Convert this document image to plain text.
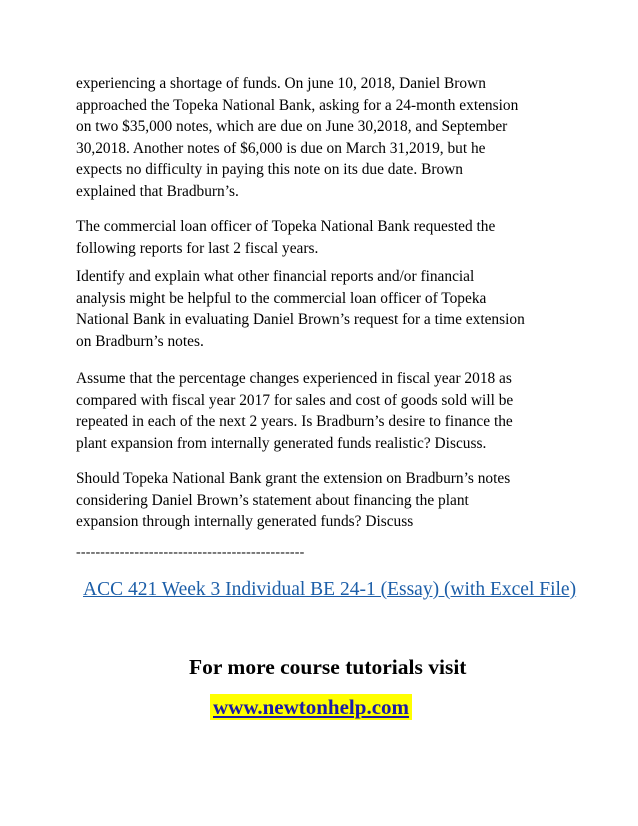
experiencing a shortage of funds. On june 10, 2018, Daniel Brown
approached the Topeka National Bank, asking for a 24-month extension
on two $35,000 notes, which are due on June 30,2018, and September
30,2018. Another notes of $6,000 is due on March 31,2019, but he
expects no difficulty in paying this note on its due date. Brown
explained that Bradburn’s.

The commercial loan officer of Topeka National Bank requested the
following reports for last 2 fiscal years.

Identify and explain what other financial reports and/or financial
analysis might be helpful to the commercial loan officer of Topeka
National Bank in evaluating Daniel Brown’s request for a time extension
on Bradburn’s notes.

Assume that the percentage changes experienced in fiscal year 2018 as
compared with fiscal year 2017 for sales and cost of goods sold will be
repeated in each of the next 2 years. Is Bradburn’s desire to finance the
plant expansion from internally generated funds realistic? Discuss.

Should Topeka National Bank grant the extension on Bradburn’s notes
considering Daniel Brown’s statement about financing the plant
expansion through internally generated funds? Discuss

-----------------------------------------------
ACC 421 Week 3 Individual BE 24-1 (Essay) (with Excel File)
For more course tutorials visit
www.newtonhelp.com
